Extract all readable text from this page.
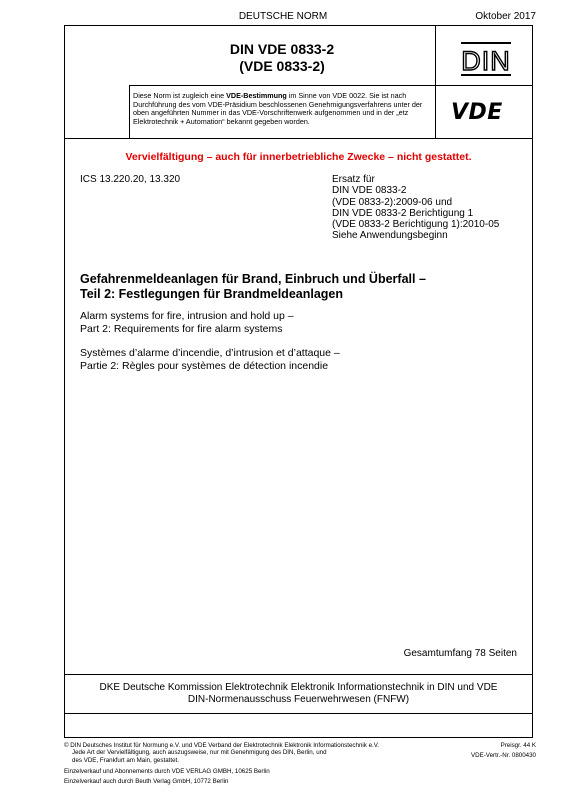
DEUTSCHE NORM	Oktober 2017
DIN VDE 0833-2
(VDE 0833-2)	DIN
VDE
Diese Norm ist zugleich eine VDE-Bestimmung im Sinne von VDE 0022. Sie ist nach Durchführung des vom VDE-Präsidium beschlossenen Genehmigungsverfahrens unter der oben angeführten Nummer in das VDE-Vorschriftenwerk aufgenommen und in der „etz Elektrotechnik + Automation“ bekannt gegeben worden.
Vervielfältigung – auch für innerbetriebliche Zwecke – nicht gestattet.
ICS 13.220.20, 13.320	Ersatz für
DIN VDE 0833-2
(VDE 0833-2):2009-06 und
DIN VDE 0833-2 Berichtigung 1
(VDE 0833-2 Berichtigung 1):2010-05
Siehe Anwendungsbeginn
Gefahrenmeldeanlagen für Brand, Einbruch und Überfall –
Teil 2: Festlegungen für Brandmeldeanlagen
Alarm systems for fire, intrusion and hold up –
Part 2: Requirements for fire alarm systems
Systèmes d’alarme d’incendie, d’intrusion et d’attaque –
Partie 2: Règles pour systèmes de détection incendie
Gesamtumfang 78 Seiten
DKE Deutsche Kommission Elektrotechnik Elektronik Informationstechnik in DIN und VDE
DIN-Normenausschuss Feuerwehrwesen (FNFW)
© DIN Deutsches Institut für Normung e.V. und VDE Verband der Elektrotechnik Elektronik Informationstechnik e.V.
Jede Art der Vervielfältigung, auch auszugsweise, nur mit Genehmigung des DIN, Berlin, und
des VDE, Frankfurt am Main, gestattet.
Preisgr. 44 K
VDE-Vertr.-Nr. 0800430
Einzelverkauf und Abonnements durch VDE VERLAG GMBH, 10625 Berlin
Einzelverkauf auch durch Beuth Verlag GmbH, 10772 Berlin
